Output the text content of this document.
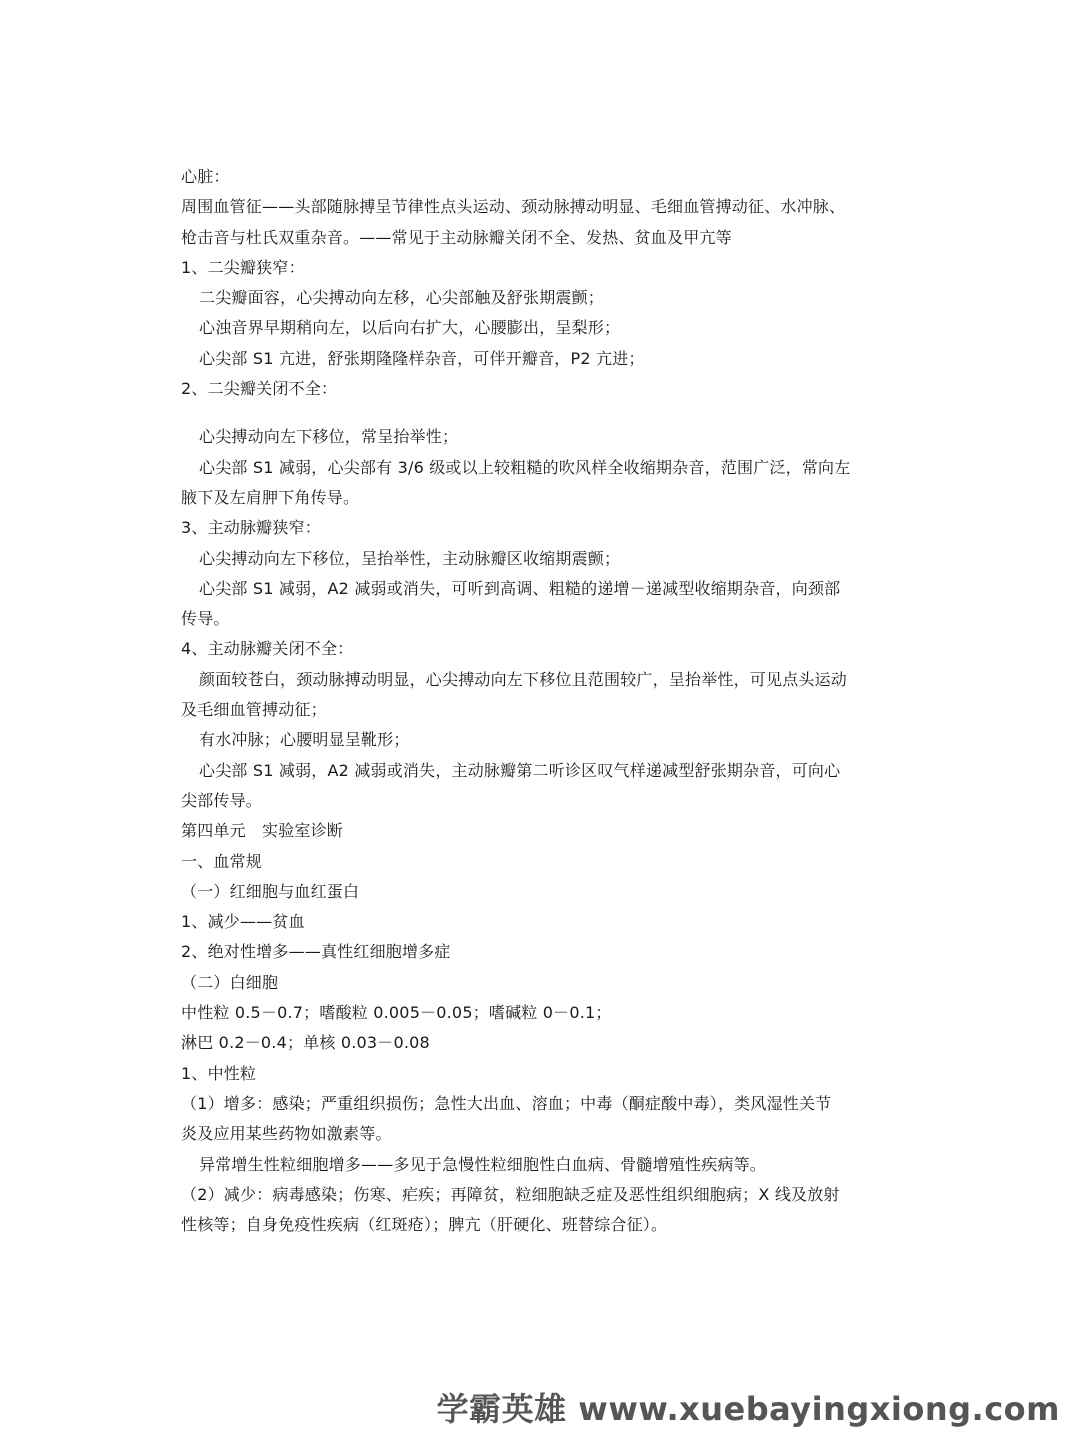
心脏：

周围血管征——头部随脉搏呈节律性点头运动、颈动脉搏动明显、毛细血管搏动征、水冲脉、

枪击音与杜氏双重杂音。——常见于主动脉瓣关闭不全、发热、贫血及甲亢等

1、二尖瓣狭窄：

二尖瓣面容，心尖搏动向左移，心尖部触及舒张期震颤；

心浊音界早期稍向左，以后向右扩大，心腰膨出，呈梨形；

心尖部 S1 亢进，舒张期隆隆样杂音，可伴开瓣音，P2 亢进；

2、二尖瓣关闭不全：

心尖搏动向左下移位，常呈抬举性；

心尖部 S1 减弱，心尖部有 3/6 级或以上较粗糙的吹风样全收缩期杂音，范围广泛，常向左

腋下及左肩胛下角传导。

3、主动脉瓣狭窄：

心尖搏动向左下移位，呈抬举性，主动脉瓣区收缩期震颤；

心尖部 S1 减弱，A2 减弱或消失，可听到高调、粗糙的递增－递减型收缩期杂音，向颈部

传导。

4、主动脉瓣关闭不全：

颜面较苍白，颈动脉搏动明显，心尖搏动向左下移位且范围较广，呈抬举性，可见点头运动

及毛细血管搏动征；

有水冲脉；心腰明显呈靴形；

心尖部 S1 减弱，A2 减弱或消失，主动脉瓣第二听诊区叹气样递减型舒张期杂音，可向心

尖部传导。

第四单元　实验室诊断

一、血常规

（一）红细胞与血红蛋白

1、减少——贫血

2、绝对性增多——真性红细胞增多症

（二）白细胞

中性粒 0.5－0.7；嗜酸粒 0.005－0.05；嗜碱粒 0－0.1；

淋巴 0.2－0.4；单核 0.03－0.08

1、中性粒

（1）增多：感染；严重组织损伤；急性大出血、溶血；中毒（酮症酸中毒），类风湿性关节

炎及应用某些药物如激素等。

异常增生性粒细胞增多——多见于急慢性粒细胞性白血病、骨髓增殖性疾病等。

（2）减少：病毒感染；伤寒、疟疾；再障贫，粒细胞缺乏症及恶性组织细胞病；X 线及放射

性核等；自身免疫性疾病（红斑疮）；脾亢（肝硬化、班替综合征）。

学霸英雄 www.xuebayingxiong.com
